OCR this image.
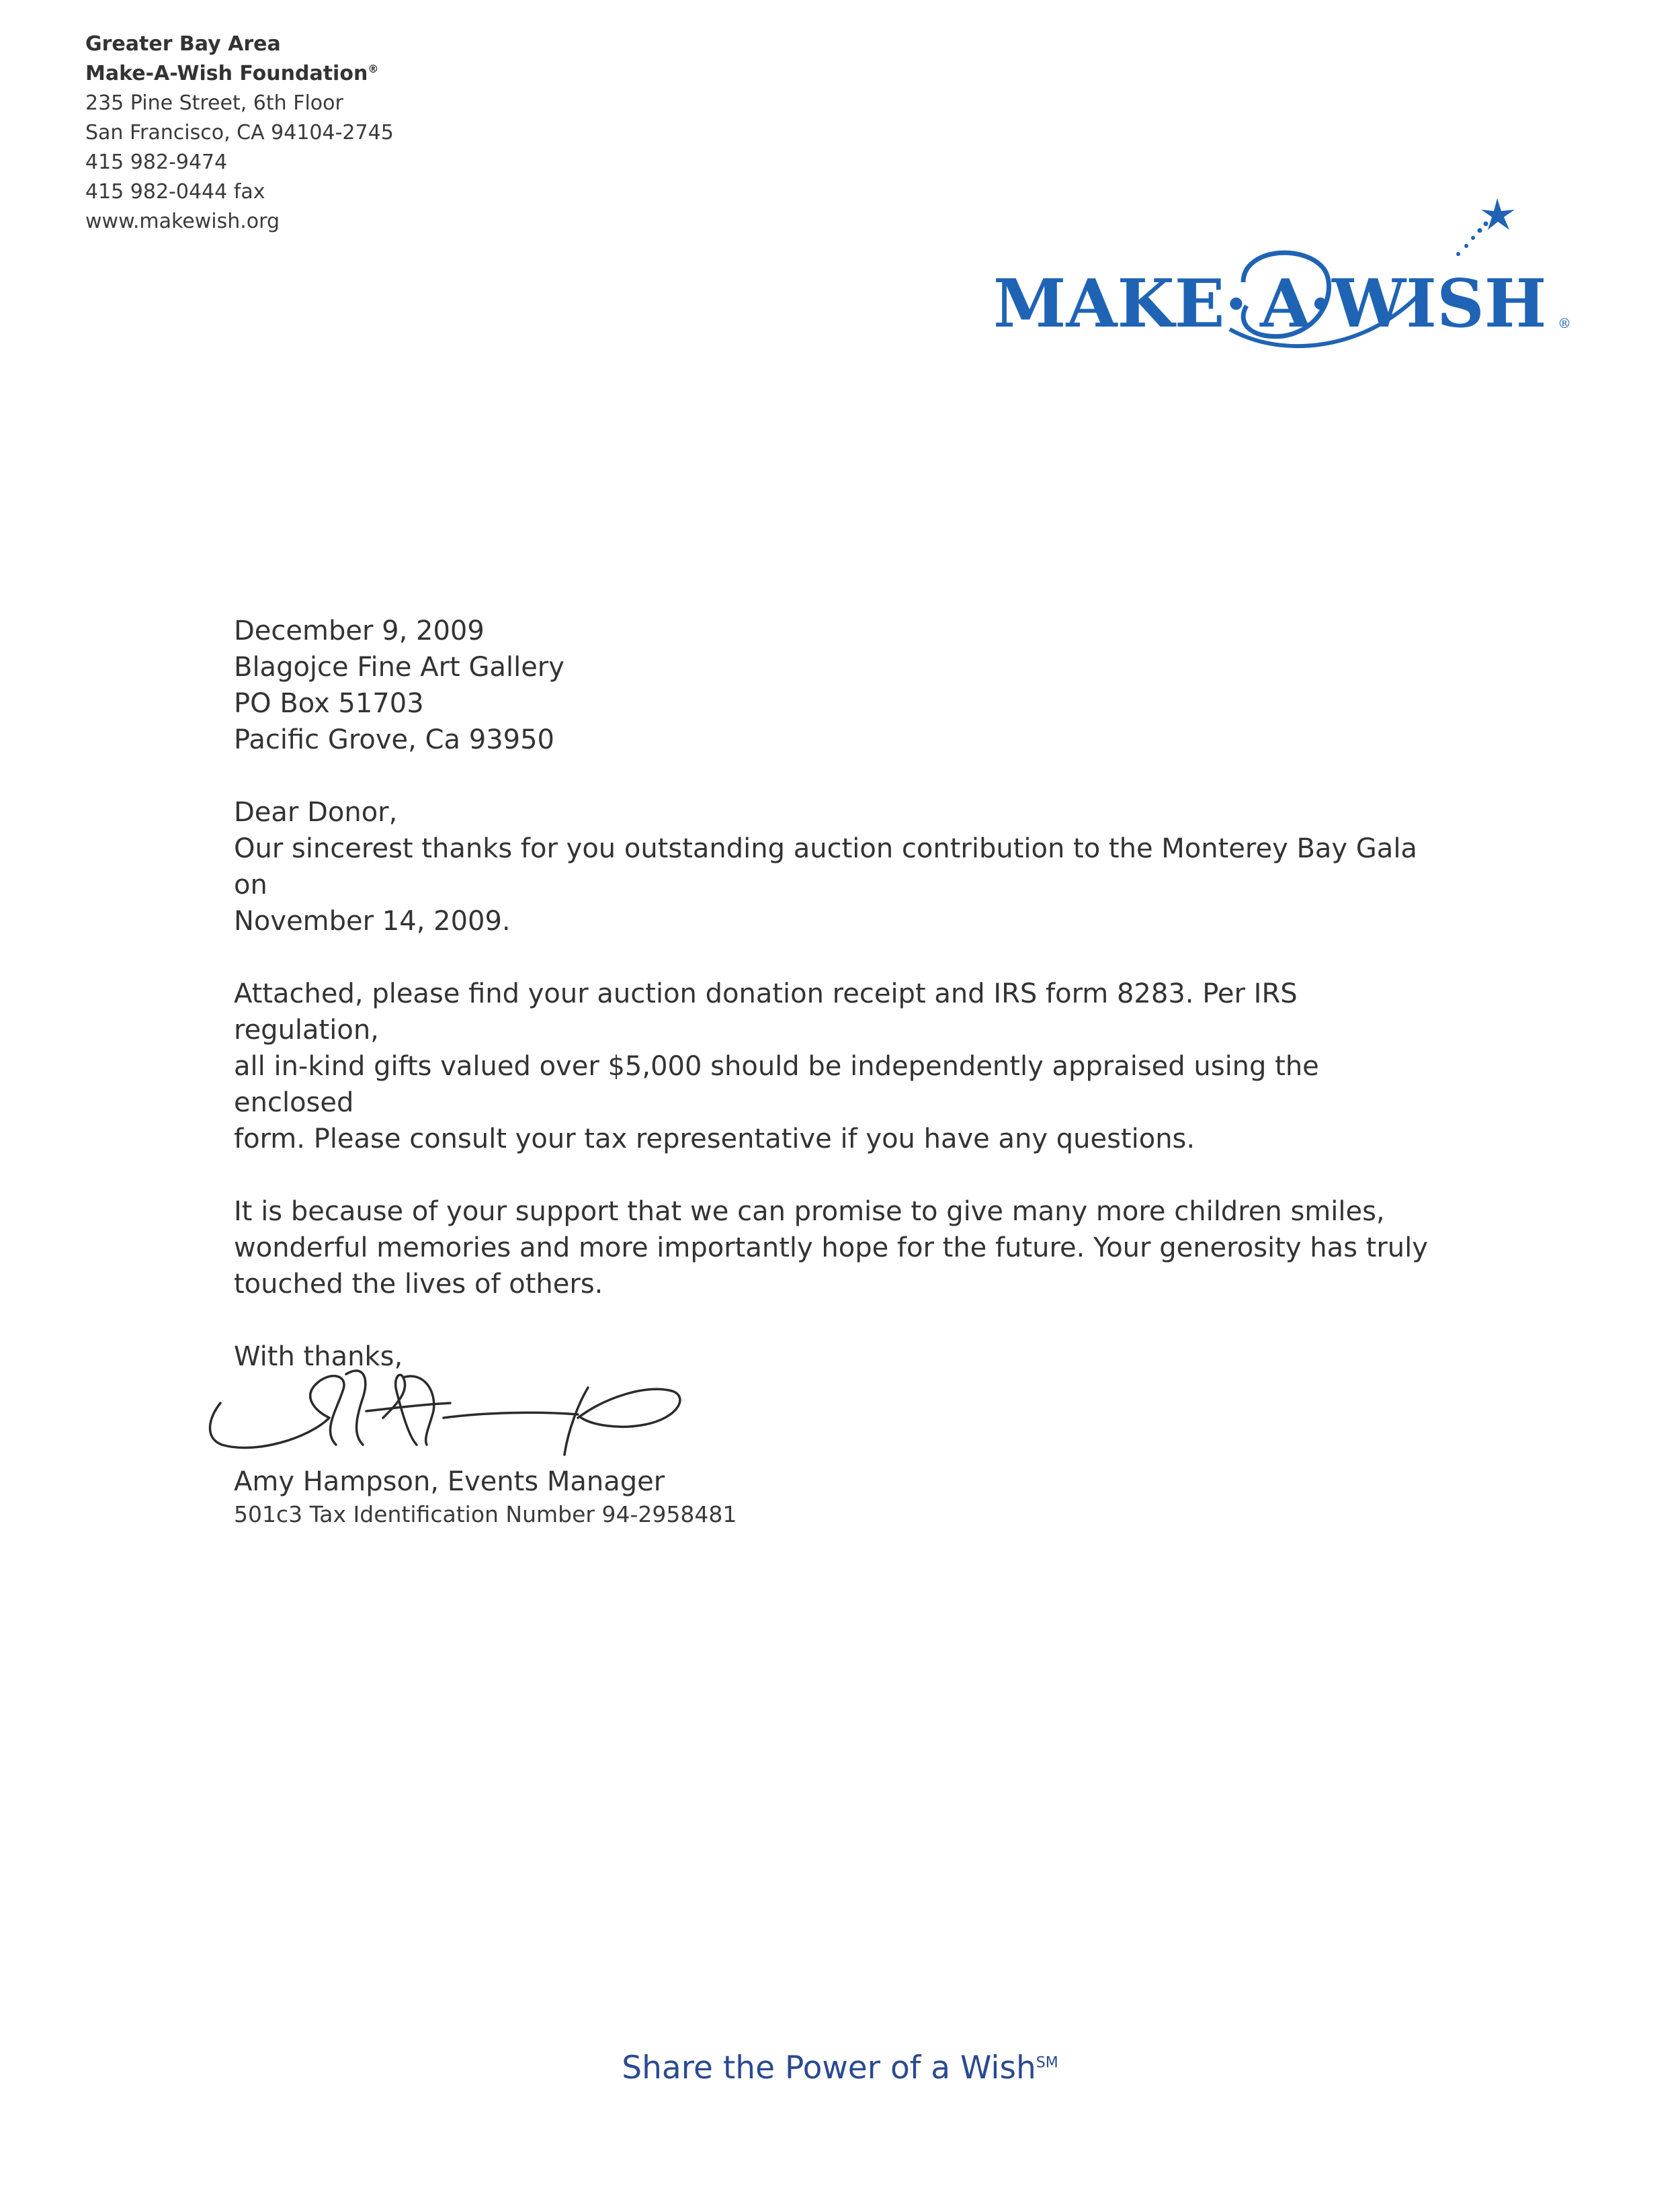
Greater Bay Area
Make-A-Wish Foundation®
235 Pine Street, 6th Floor
San Francisco, CA 94104-2745
415 982-9474
415 982-0444 fax
www.makewish.org
MAKE· A
·WISH ®

December 9, 2009

Blagojce Fine Art Gallery

PO Box 51703

Pacific Grove, Ca 93950

Dear Donor,

Our sincerest thanks for you outstanding auction contribution to the Monterey Bay Gala on

November 14, 2009.

Attached, please find your auction donation receipt and IRS form 8283. Per IRS regulation,

all in-kind gifts valued over $5,000 should be independently appraised using the enclosed

form. Please consult your tax representative if you have any questions.

It is because of your support that we can promise to give many more children smiles,

wonderful memories and more importantly hope for the future. Your generosity has truly

touched the lives of others.

With thanks,

Amy Hampson, Events Manager
501c3 Tax Identification Number 94-2958481
Share the Power of a Wish℠
